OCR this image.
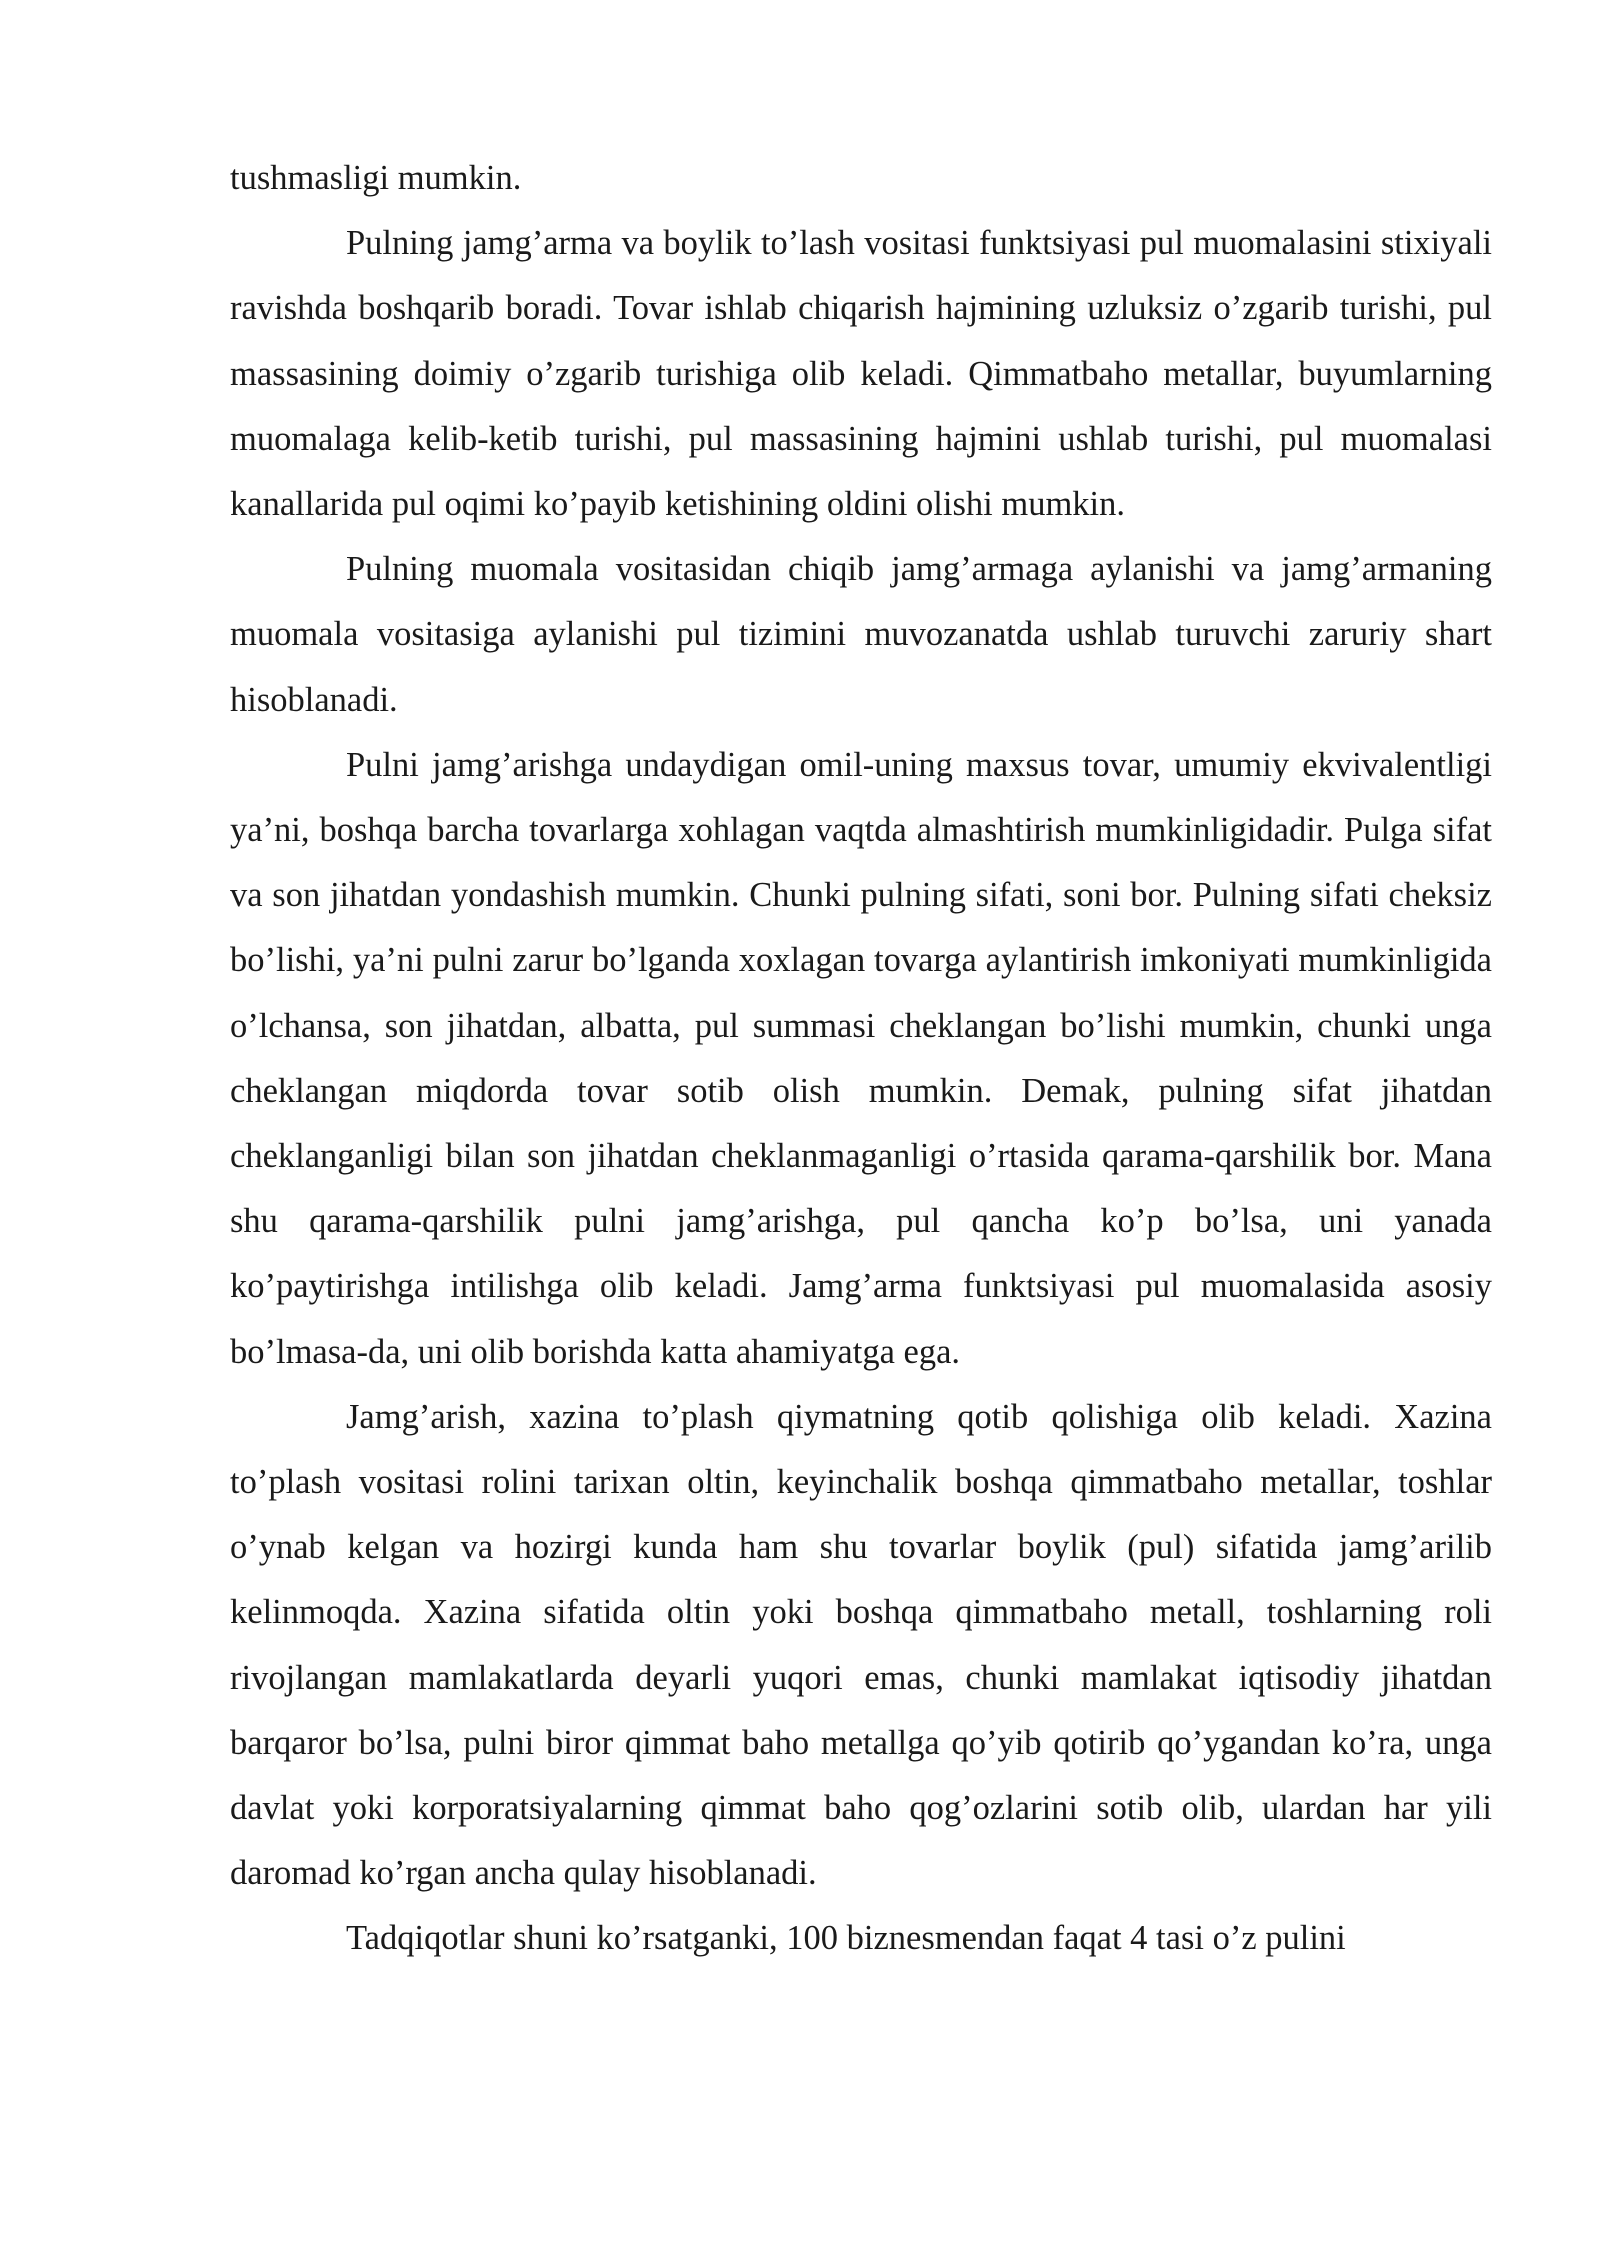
tushmasligi mumkin.

Pulning jamg’arma va boylik to’lash vositasi funktsiyasi pul muomalasini stixiyali ravishda boshqarib boradi. Tovar ishlab chiqarish hajmining uzluksiz o’zgarib turishi, pul massasining doimiy o’zgarib turishiga olib keladi. Qimmatbaho metallar, buyumlarning muomalaga kelib-ketib turishi, pul massasining hajmini ushlab turishi, pul muomalasi kanallarida pul oqimi ko’payib ketishining oldini olishi mumkin.

Pulning muomala vositasidan chiqib jamg’armaga aylanishi va jamg’armaning muomala vositasiga aylanishi pul tizimini muvozanatda ushlab turuvchi zaruriy shart hisoblanadi.

Pulni jamg’arishga undaydigan omil-uning maxsus tovar, umumiy ekvivalentligi ya’ni, boshqa barcha tovarlarga xohlagan vaqtda almashtirish mumkinligidadir. Pulga sifat va son jihatdan yondashish mumkin. Chunki pulning sifati, soni bor. Pulning sifati cheksiz bo’lishi, ya’ni pulni zarur bo’lganda xoxlagan tovarga aylantirish imkoniyati mumkinligida o’lchansa, son jihatdan, albatta, pul summasi cheklangan bo’lishi mumkin, chunki unga cheklangan miqdorda tovar sotib olish mumkin. Demak, pulning sifat jihatdan cheklanganligi bilan son jihatdan cheklanmaganligi o’rtasida qarama-qarshilik bor. Mana shu qarama-qarshilik pulni jamg’arishga, pul qancha ko’p bo’lsa, uni yanada ko’paytirishga intilishga olib keladi. Jamg’arma funktsiyasi pul muomalasida asosiy bo’lmasa-da, uni olib borishda katta ahamiyatga ega.

Jamg’arish, xazina to’plash qiymatning qotib qolishiga olib keladi. Xazina to’plash vositasi rolini tarixan oltin, keyinchalik boshqa qimmatbaho metallar, toshlar o’ynab kelgan va hozirgi kunda ham shu tovarlar boylik (pul) sifatida jamg’arilib kelinmoqda. Xazina sifatida oltin yoki boshqa qimmatbaho metall, toshlarning roli rivojlangan mamlakatlarda deyarli yuqori emas, chunki mamlakat iqtisodiy jihatdan barqaror bo’lsa, pulni biror qimmat baho metallga qo’yib qotirib qo’ygandan ko’ra, unga davlat yoki korporatsiyalarning qimmat baho qog’ozlarini sotib olib, ulardan har yili daromad ko’rgan ancha qulay hisoblanadi.

Tadqiqotlar shuni ko’rsatganki, 100 biznesmendan faqat 4 tasi o’z pulini
